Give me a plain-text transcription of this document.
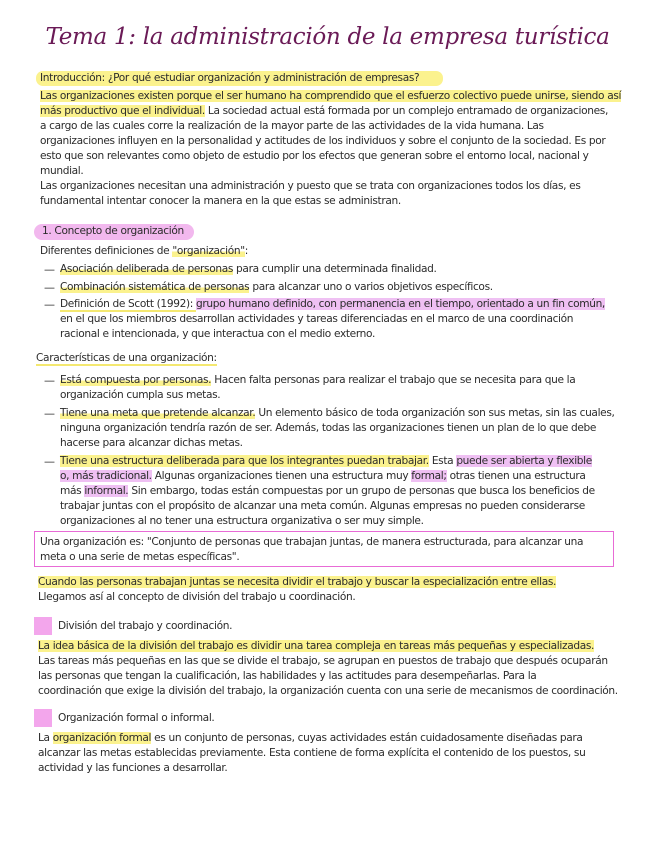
Tema 1: la administración de la empresa turística
Introducción: ¿Por qué estudiar organización y administración de empresas?
Las organizaciones existen porque el ser humano ha comprendido que el esfuerzo colectivo puede unirse, siendo así
más productivo que el individual. La sociedad actual está formada por un complejo entramado de organizaciones,
a cargo de las cuales corre la realización de la mayor parte de las actividades de la vida humana. Las
organizaciones influyen en la personalidad y actitudes de los individuos y sobre el conjunto de la sociedad. Es por
esto que son relevantes como objeto de estudio por los efectos que generan sobre el entorno local, nacional y
mundial.
Las organizaciones necesitan una administración y puesto que se trata con organizaciones todos los días, es
fundamental intentar conocer la manera en la que estas se administran.
1. Concepto de organización
Diferentes definiciones de "organización":
— Asociación deliberada de personas para cumplir una determinada finalidad.
— Combinación sistemática de personas para alcanzar uno o varios objetivos específicos.
— Definición de Scott (1992): grupo humano definido, con permanencia en el tiempo, orientado a un fin común,
en el que los miembros desarrollan actividades y tareas diferenciadas en el marco de una coordinación
racional e intencionada, y que interactua con el medio externo.
Características de una organización:
— Está compuesta por personas. Hacen falta personas para realizar el trabajo que se necesita para que la
organización cumpla sus metas.
— Tiene una meta que pretende alcanzar. Un elemento básico de toda organización son sus metas, sin las cuales,
ninguna organización tendría razón de ser. Además, todas las organizaciones tienen un plan de lo que debe
hacerse para alcanzar dichas metas.
— Tiene una estructura deliberada para que los integrantes puedan trabajar. Esta puede ser abierta y flexible
o, más tradicional. Algunas organizaciones tienen una estructura muy formal; otras tienen una estructura
más informal. Sin embargo, todas están compuestas por un grupo de personas que busca los beneficios de
trabajar juntas con el propósito de alcanzar una meta común. Algunas empresas no pueden considerarse
organizaciones al no tener una estructura organizativa o ser muy simple.
Una organización es: "Conjunto de personas que trabajan juntas, de manera estructurada, para alcanzar una
meta o una serie de metas específicas".
Cuando las personas trabajan juntas se necesita dividir el trabajo y buscar la especialización entre ellas.
Llegamos así al concepto de división del trabajo u coordinación.
División del trabajo y coordinación.
La idea básica de la división del trabajo es dividir una tarea compleja en tareas más pequeñas y especializadas.
Las tareas más pequeñas en las que se divide el trabajo, se agrupan en puestos de trabajo que después ocuparán
las personas que tengan la cualificación, las habilidades y las actitudes para desempeñarlas. Para la
coordinación que exige la división del trabajo, la organización cuenta con una serie de mecanismos de coordinación.
Organización formal o informal.
La organización formal es un conjunto de personas, cuyas actividades están cuidadosamente diseñadas para
alcanzar las metas establecidas previamente. Esta contiene de forma explícita el contenido de los puestos, su
actividad y las funciones a desarrollar.
